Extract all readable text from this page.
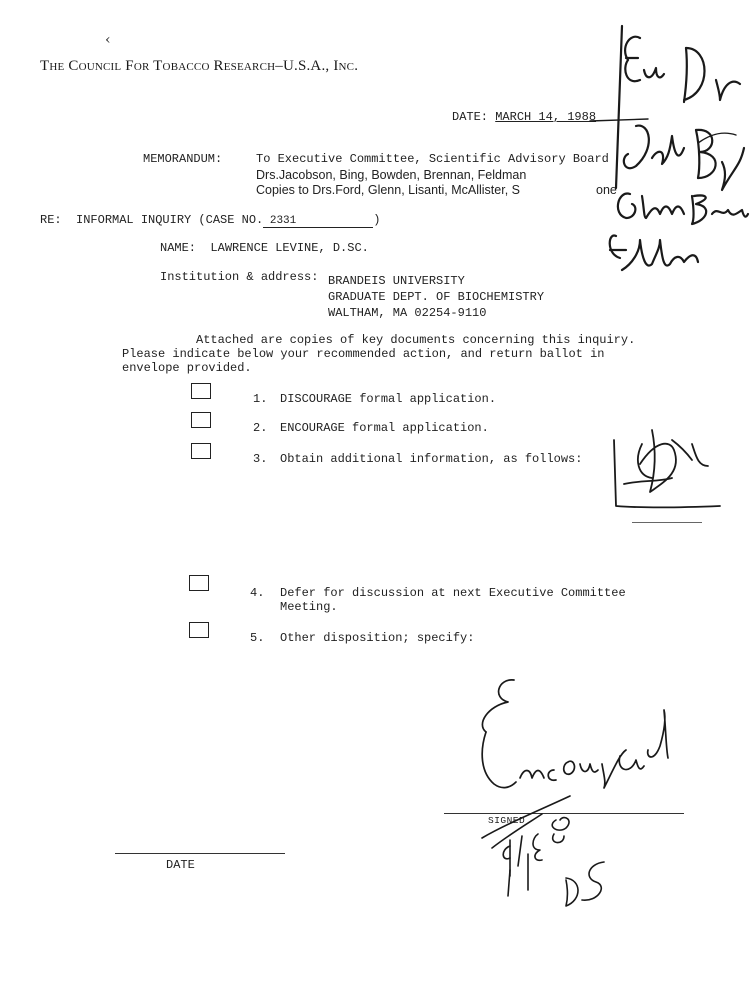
‹
The Council For Tobacco Research–U.S.A., Inc.
DATE: MARCH 14, 1988
MEMORANDUM:	To Executive Committee, Scientific Advisory Board
Drs.Jacobson, Bing, Bowden, Brennan, Feldman
Copies to Drs.Ford, Glenn, Lisanti, McAllister, S	one
RE: INFORMAL INQUIRY (CASE NO. 2331	)
NAME: LAWRENCE LEVINE, D.SC.
Institution & address: BRANDEIS UNIVERSITY
GRADUATE DEPT. OF BIOCHEMISTRY
WALTHAM, MA 02254-9110
Attached are copies of key documents concerning this inquiry.
Please indicate below your recommended action, and return ballot in
envelope provided.
1. DISCOURAGE formal application.
2. ENCOURAGE formal application.
3. Obtain additional information, as follows:
4. Defer for discussion at next Executive Committee
Meeting.
5. Other disposition; specify:
SIGNED
DATE
